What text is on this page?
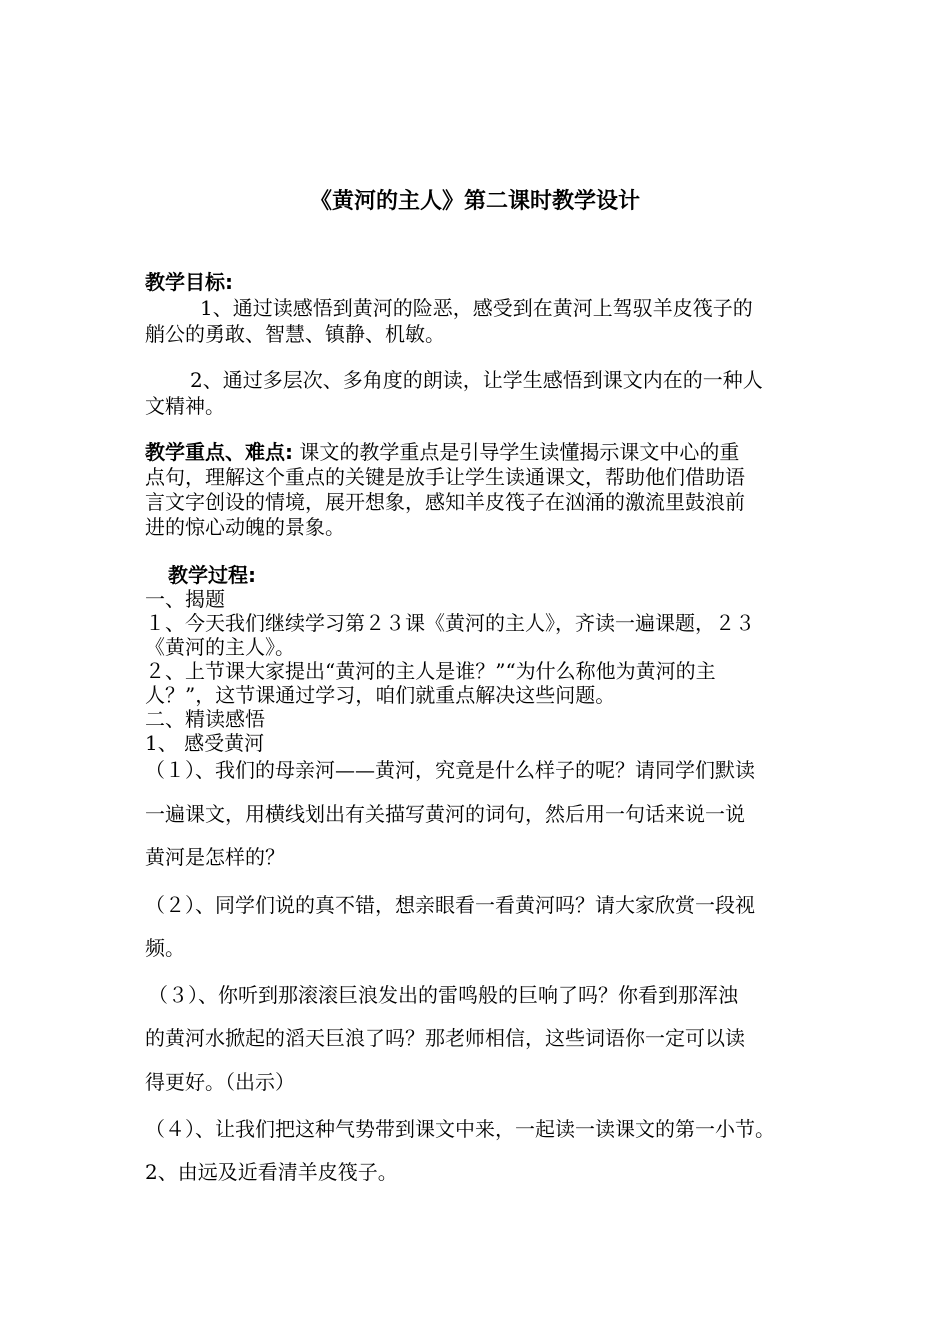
《黄河的主人》第二课时教学设计
教学目标:
1、通过读感悟到黄河的险恶，感受到在黄河上驾驭羊皮筏子的
艄公的勇敢、智慧、镇静、机敏。
2、通过多层次、多角度的朗读，让学生感悟到课文内在的一种人
文精神。
教学重点、难点: 课文的教学重点是引导学生读懂揭示课文中心的重
点句，理解这个重点的关键是放手让学生读通课文，帮助他们借助语
言文字创设的情境，展开想象，感知羊皮筏子在汹涌的激流里鼓浪前
进的惊心动魄的景象。
教学过程:
一、揭题
１、今天我们继续学习第２３课《黄河的主人》，齐读一遍课题，２３
《黄河的主人》。
２、上节课大家提出“黄河的主人是谁？”“为什么称他为黄河的主
人？”，这节课通过学习，咱们就重点解决这些问题。
二、精读感悟
1、 感受黄河
（１）、我们的母亲河——黄河，究竟是什么样子的呢？请同学们默读
一遍课文，用横线划出有关描写黄河的词句，然后用一句话来说一说
黄河是怎样的？
（２）、同学们说的真不错，想亲眼看一看黄河吗？请大家欣赏一段视
频。
（３）、你听到那滚滚巨浪发出的雷鸣般的巨响了吗？你看到那浑浊
的黄河水掀起的滔天巨浪了吗？那老师相信，这些词语你一定可以读
得更好。（出示）
（４）、让我们把这种气势带到课文中来，一起读一读课文的第一小节。
2、由远及近看清羊皮筏子。
